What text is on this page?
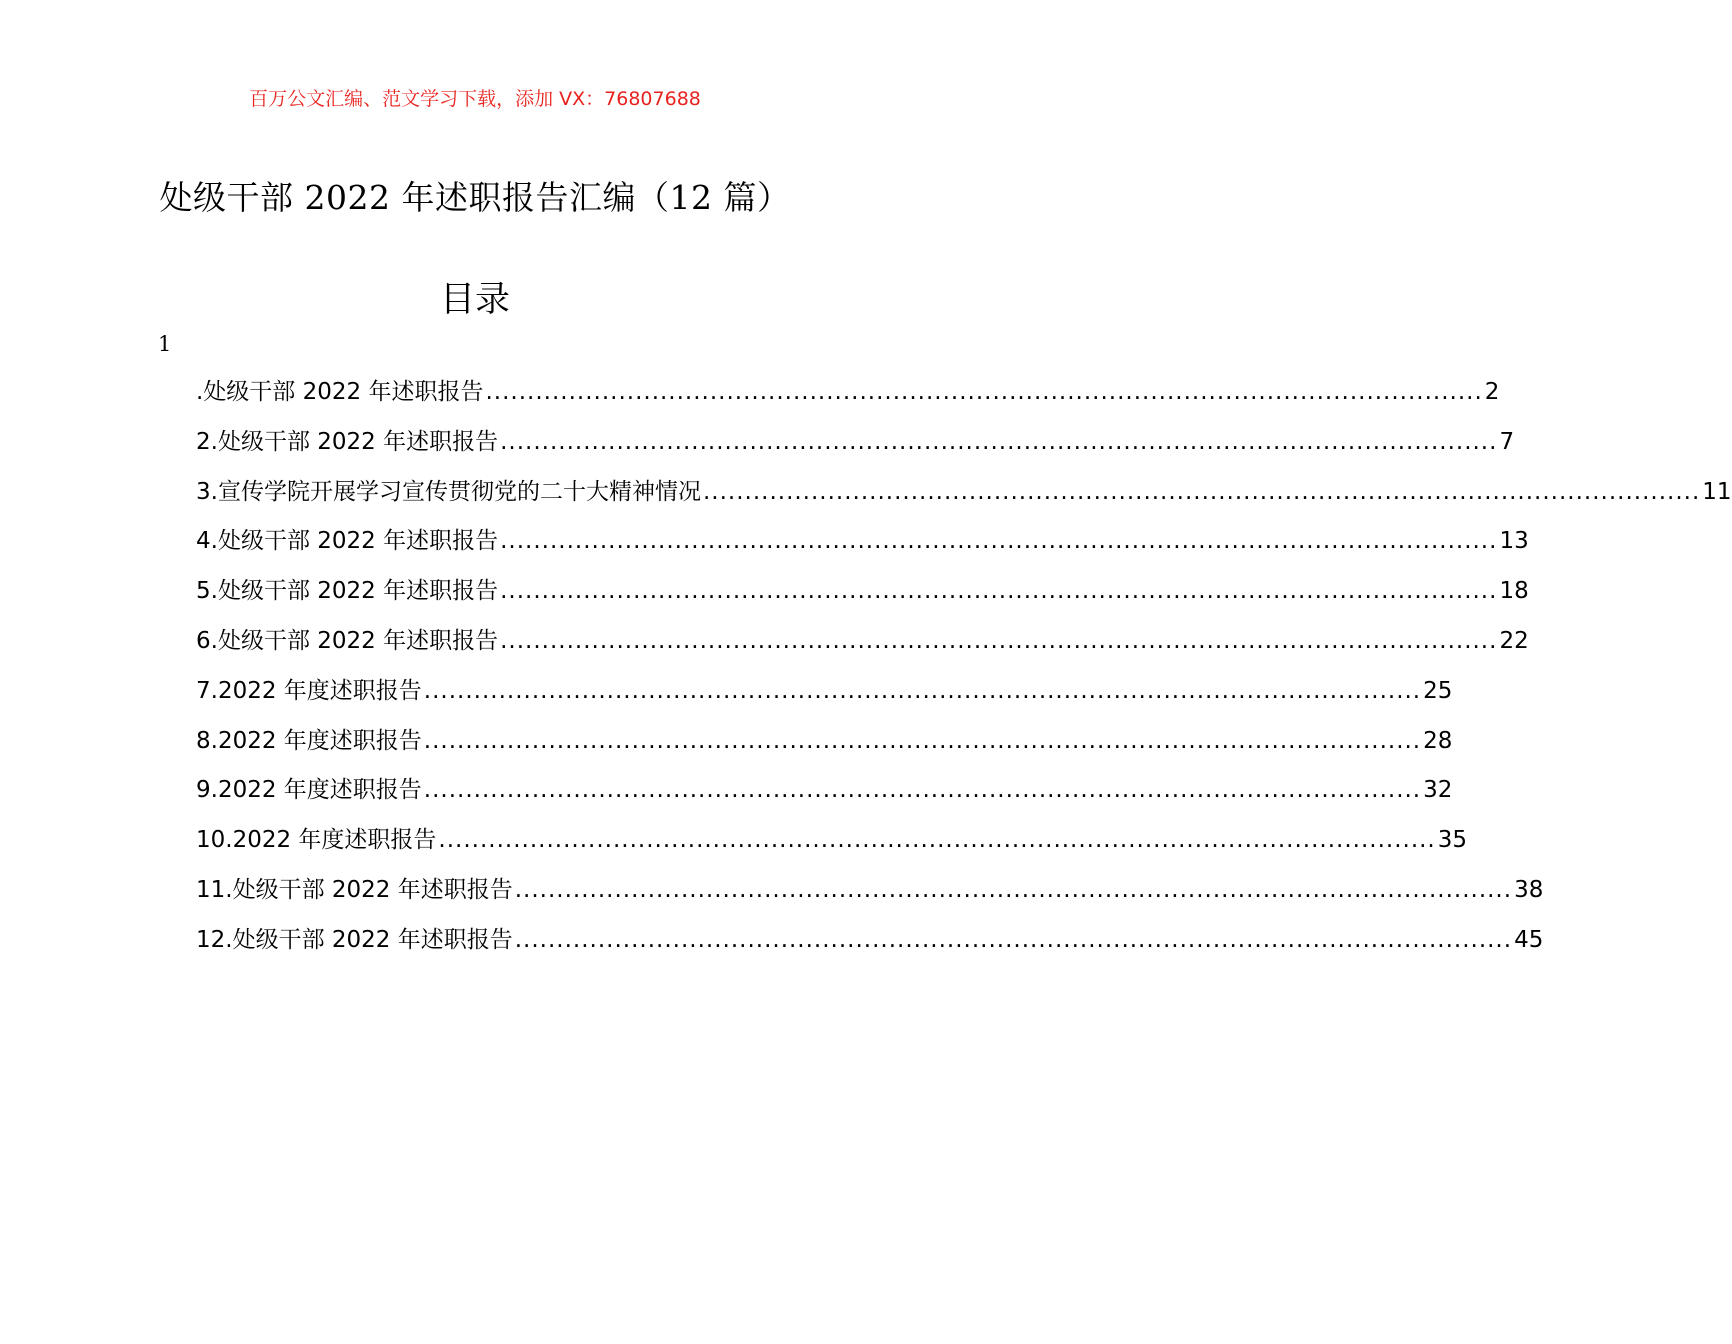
百万公文汇编、范文学习下载，添加 VX：76807688
处级干部 2022 年述职报告汇编（12 篇）
目录
1
.处级干部 2022 年述职报告 ........................................................................................................................ 2
2.处级干部 2022 年述职报告 ........................................................................................................................ 7
3.宣传学院开展学习宣传贯彻党的二十大精神情况 ........................................................................................................................ 11
4.处级干部 2022 年述职报告 ........................................................................................................................ 13
5.处级干部 2022 年述职报告 ........................................................................................................................ 18
6.处级干部 2022 年述职报告 ........................................................................................................................ 22
7.2022 年度述职报告 ........................................................................................................................ 25
8.2022 年度述职报告 ........................................................................................................................ 28
9.2022 年度述职报告 ........................................................................................................................ 32
10.2022 年度述职报告 ........................................................................................................................ 35
11.处级干部 2022 年述职报告 ........................................................................................................................ 38
12.处级干部 2022 年述职报告 ........................................................................................................................ 45
